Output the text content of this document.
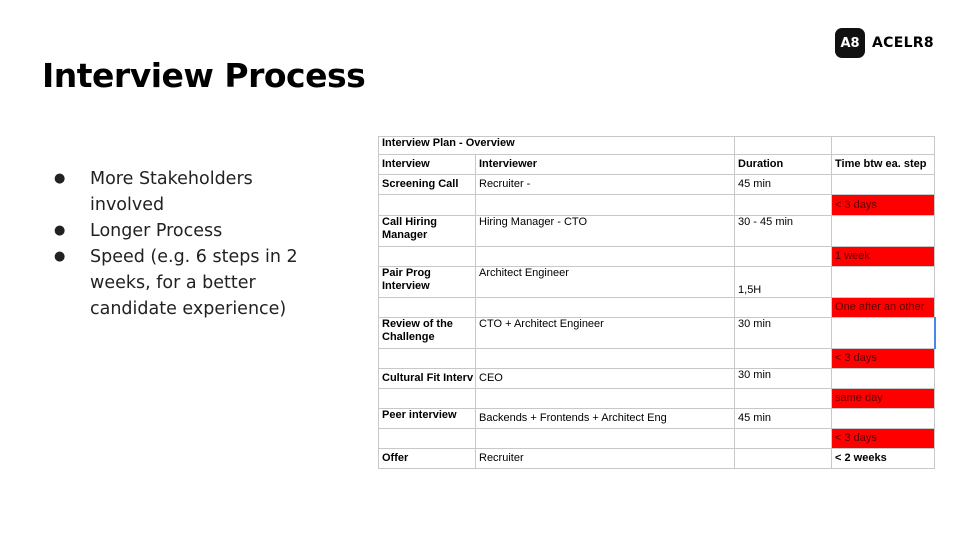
Interview Process
A8 ACELR8
● More Stakeholders involved
● Longer Process
● Speed (e.g. 6 steps in 2 weeks, for a better candidate experience)
Interview Plan - Overview			
Interview	Interviewer	Duration	Time btw ea. step
Screening Call	Recruiter -	45 min	
			< 3 days
Call Hiring Manager	Hiring Manager - CTO	30 - 45 min	
			1 week
Pair Prog Interview	Architect Engineer	1,5H	
			One after an other
Review of the Challenge	CTO + Architect Engineer	30 min	
			< 3 days
Cultural Fit Interv	CEO	30 min	
			same day
Peer interview	Backends + Frontends + Architect Eng	45 min	
			< 3 days
Offer	Recruiter		< 2 weeks
